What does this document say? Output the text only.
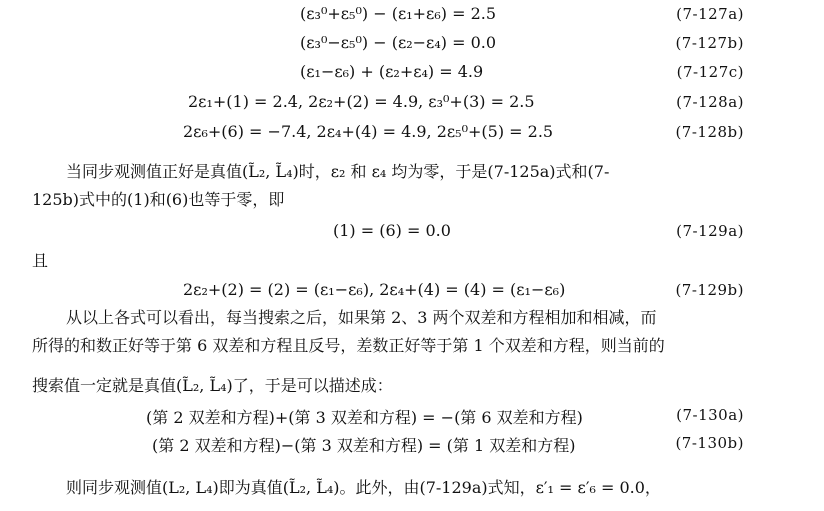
(ε₃⁰+ε₅⁰) − (ε₁+ε₆) = 2.5	(7-127a)
(ε₃⁰−ε₅⁰) − (ε₂−ε₄) = 0.0	(7-127b)
(ε₁−ε₆) + (ε₂+ε₄) = 4.9	(7-127c)
2ε₁+(1) = 2.4, 2ε₂+(2) = 4.9, ε₃⁰+(3) = 2.5	(7-128a)
2ε₆+(6) = −7.4, 2ε₄+(4) = 4.9, 2ε₅⁰+(5) = 2.5	(7-128b)
当同步观测值正好是真值(L̃₂, L̃₄)时，ε₂ 和 ε₄ 均为零，于是(7-125a)式和(7-
125b)式中的(1)和(6)也等于零，即
(1) = (6) = 0.0	(7-129a)
且
2ε₂+(2) = (2) = (ε₁−ε₆), 2ε₄+(4) = (4) = (ε₁−ε₆)	(7-129b)
从以上各式可以看出，每当搜索之后，如果第 2、3 两个双差和方程相加和相减，而
所得的和数正好等于第 6 双差和方程且反号，差数正好等于第 1 个双差和方程，则当前的
搜索值一定就是真值(L̃₂, L̃₄)了，于是可以描述成：
(第 2 双差和方程)+(第 3 双差和方程) = −(第 6 双差和方程)	(7-130a)
(第 2 双差和方程)−(第 3 双差和方程) = (第 1 双差和方程)	(7-130b)
则同步观测值(L₂, L₄)即为真值(L̃₂, L̃₄)。此外，由(7-129a)式知，ε′₁ = ε′₆ = 0.0，
